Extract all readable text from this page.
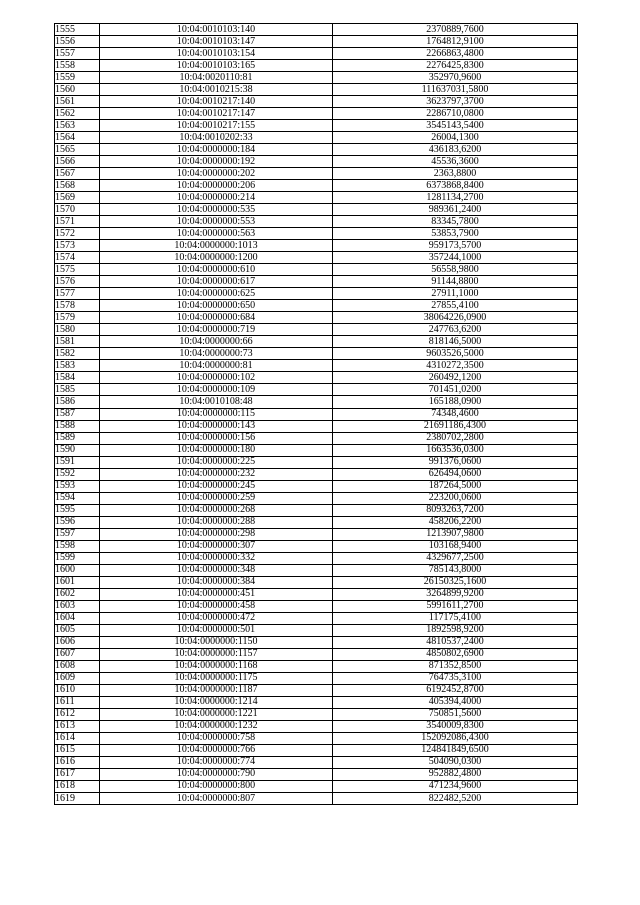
1555	10:04:0010103:140	2370889,7600
1556	10:04:0010103:147	1764812,9100
1557	10:04:0010103:154	2266863,4800
1558	10:04:0010103:165	2276425,8300
1559	10:04:0020110:81	352970,9600
1560	10:04:0010215:38	111637031,5800
1561	10:04:0010217:140	3623797,3700
1562	10:04:0010217:147	2286710,0800
1563	10:04:0010217:155	3545143,5400
1564	10:04:0010202:33	26004,1300
1565	10:04:0000000:184	436183,6200
1566	10:04:0000000:192	45536,3600
1567	10:04:0000000:202	2363,8800
1568	10:04:0000000:206	6373868,8400
1569	10:04:0000000:214	1281134,2700
1570	10:04:0000000:535	989361,2400
1571	10:04:0000000:553	83345,7800
1572	10:04:0000000:563	53853,7900
1573	10:04:0000000:1013	959173,5700
1574	10:04:0000000:1200	357244,1000
1575	10:04:0000000:610	56558,9800
1576	10:04:0000000:617	91144,8800
1577	10:04:0000000:625	27911,1000
1578	10:04:0000000:650	27855,4100
1579	10:04:0000000:684	38064226,0900
1580	10:04:0000000:719	247763,6200
1581	10:04:0000000:66	818146,5000
1582	10:04:0000000:73	9603526,5000
1583	10:04:0000000:81	4310272,3500
1584	10:04:0000000:102	260492,1200
1585	10:04:0000000:109	701451,0200
1586	10:04:0010108:48	165188,0900
1587	10:04:0000000:115	74348,4600
1588	10:04:0000000:143	21691186,4300
1589	10:04:0000000:156	2380702,2800
1590	10:04:0000000:180	1663536,0300
1591	10:04:0000000:225	991376,0600
1592	10:04:0000000:232	626494,0600
1593	10:04:0000000:245	187264,5000
1594	10:04:0000000:259	223200,0600
1595	10:04:0000000:268	8093263,7200
1596	10:04:0000000:288	458206,2200
1597	10:04:0000000:298	1213907,9800
1598	10:04:0000000:307	103168,9400
1599	10:04:0000000:332	4329677,2500
1600	10:04:0000000:348	785143,8000
1601	10:04:0000000:384	26150325,1600
1602	10:04:0000000:451	3264899,9200
1603	10:04:0000000:458	5991611,2700
1604	10:04:0000000:472	117175,4100
1605	10:04:0000000:501	1892598,9200
1606	10:04:0000000:1150	4810537,2400
1607	10:04:0000000:1157	4850802,6900
1608	10:04:0000000:1168	871352,8500
1609	10:04:0000000:1175	764735,3100
1610	10:04:0000000:1187	6192452,8700
1611	10:04:0000000:1214	405394,4000
1612	10:04:0000000:1221	750851,5600
1613	10:04:0000000:1232	3540009,8300
1614	10:04:0000000:758	152092086,4300
1615	10:04:0000000:766	124841849,6500
1616	10:04:0000000:774	504090,0300
1617	10:04:0000000:790	952882,4800
1618	10:04:0000000:800	471234,9600
1619	10:04:0000000:807	822482,5200
